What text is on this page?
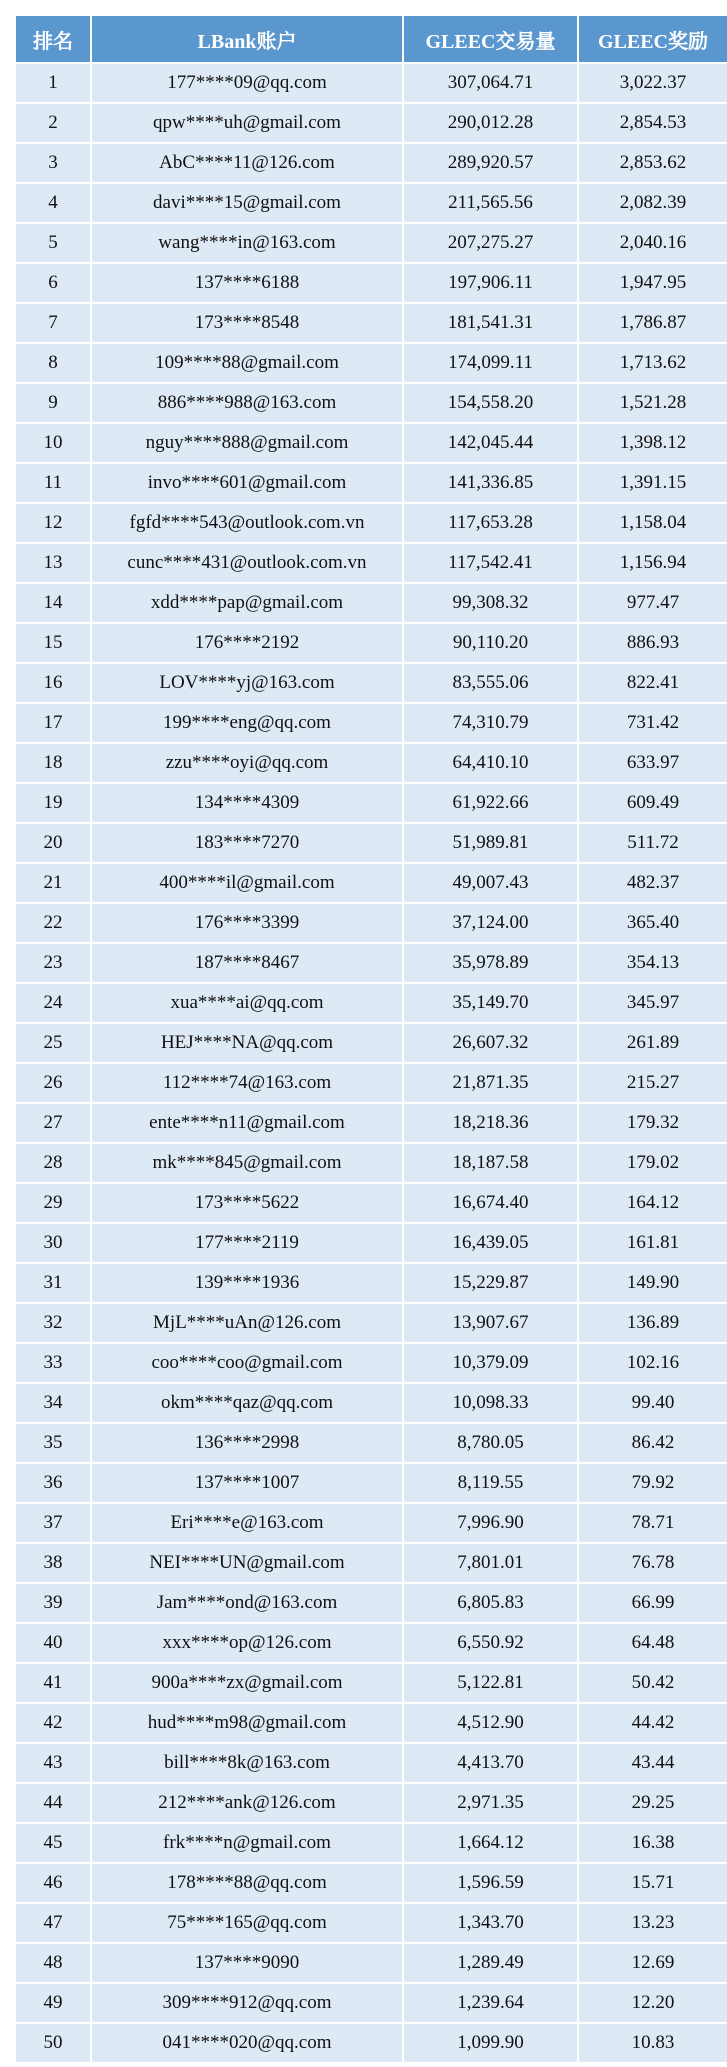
排名	LBank账户	GLEEC交易量	GLEEC奖励
1	177****09@qq.com	307,064.71	3,022.37
2	qpw****uh@gmail.com	290,012.28	2,854.53
3	AbC****11@126.com	289,920.57	2,853.62
4	davi****15@gmail.com	211,565.56	2,082.39
5	wang****in@163.com	207,275.27	2,040.16
6	137****6188	197,906.11	1,947.95
7	173****8548	181,541.31	1,786.87
8	109****88@gmail.com	174,099.11	1,713.62
9	886****988@163.com	154,558.20	1,521.28
10	nguy****888@gmail.com	142,045.44	1,398.12
11	invo****601@gmail.com	141,336.85	1,391.15
12	fgfd****543@outlook.com.vn	117,653.28	1,158.04
13	cunc****431@outlook.com.vn	117,542.41	1,156.94
14	xdd****pap@gmail.com	99,308.32	977.47
15	176****2192	90,110.20	886.93
16	LOV****yj@163.com	83,555.06	822.41
17	199****eng@qq.com	74,310.79	731.42
18	zzu****oyi@qq.com	64,410.10	633.97
19	134****4309	61,922.66	609.49
20	183****7270	51,989.81	511.72
21	400****il@gmail.com	49,007.43	482.37
22	176****3399	37,124.00	365.40
23	187****8467	35,978.89	354.13
24	xua****ai@qq.com	35,149.70	345.97
25	HEJ****NA@qq.com	26,607.32	261.89
26	112****74@163.com	21,871.35	215.27
27	ente****n11@gmail.com	18,218.36	179.32
28	mk****845@gmail.com	18,187.58	179.02
29	173****5622	16,674.40	164.12
30	177****2119	16,439.05	161.81
31	139****1936	15,229.87	149.90
32	MjL****uAn@126.com	13,907.67	136.89
33	coo****coo@gmail.com	10,379.09	102.16
34	okm****qaz@qq.com	10,098.33	99.40
35	136****2998	8,780.05	86.42
36	137****1007	8,119.55	79.92
37	Eri****e@163.com	7,996.90	78.71
38	NEI****UN@gmail.com	7,801.01	76.78
39	Jam****ond@163.com	6,805.83	66.99
40	xxx****op@126.com	6,550.92	64.48
41	900a****zx@gmail.com	5,122.81	50.42
42	hud****m98@gmail.com	4,512.90	44.42
43	bill****8k@163.com	4,413.70	43.44
44	212****ank@126.com	2,971.35	29.25
45	frk****n@gmail.com	1,664.12	16.38
46	178****88@qq.com	1,596.59	15.71
47	75****165@qq.com	1,343.70	13.23
48	137****9090	1,289.49	12.69
49	309****912@qq.com	1,239.64	12.20
50	041****020@qq.com	1,099.90	10.83
